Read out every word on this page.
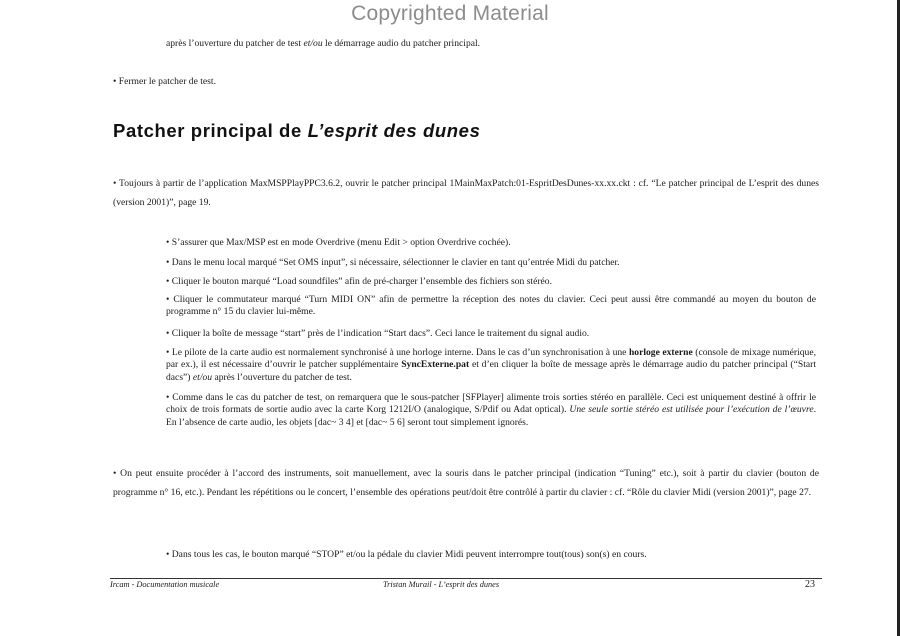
Copyrighted Material
après l’ouverture du patcher de test et/ou le démarrage audio du patcher principal.
• Fermer le patcher de test.
Patcher principal de L’esprit des dunes
• Toujours à partir de l’application MaxMSPPlayPPC3.6.2, ouvrir le patcher principal 1MainMaxPatch:01-EspritDesDunes-xx.xx.ckt : cf. “Le patcher principal de L’esprit des dunes (version 2001)”, page 19.
• S’assurer que Max/MSP est en mode Overdrive (menu Edit > option Overdrive cochée).
• Dans le menu local marqué “Set OMS input”, si nécessaire, sélectionner le clavier en tant qu’entrée Midi du patcher.
• Cliquer le bouton marqué “Load soundfiles” afin de pré-charger l’ensemble des fichiers son stéréo.
• Cliquer le commutateur marqué “Turn MIDI ON” afin de permettre la réception des notes du clavier. Ceci peut aussi être commandé au moyen du bouton de programme n° 15 du clavier lui-même.
• Cliquer la boîte de message “start” près de l’indication “Start dacs”. Ceci lance le traitement du signal audio.
• Le pilote de la carte audio est normalement synchronisé à une horloge interne. Dans le cas d’un synchronisation à une horloge externe (console de mixage numérique, par ex.), il est nécessaire d’ouvrir le patcher supplémentaire SyncExterne.pat et d’en cliquer la boîte de message après le démarrage audio du patcher principal (“Start dacs”) et/ou après l’ouverture du patcher de test.
• Comme dans le cas du patcher de test, on remarquera que le sous-patcher [SFPlayer] alimente trois sorties stéréo en parallèle. Ceci est uniquement destiné à offrir le choix de trois formats de sortie audio avec la carte Korg 1212I/O (analogique, S/Pdif ou Adat optical). Une seule sortie stéréo est utilisée pour l’exécution de l’œuvre. En l’absence de carte audio, les objets [dac~ 3 4] et [dac~ 5 6] seront tout simplement ignorés.
• On peut ensuite procéder à l’accord des instruments, soit manuellement, avec la souris dans le patcher principal (indication “Tuning” etc.), soit à partir du clavier (bouton de programme n° 16, etc.). Pendant les répétitions ou le concert, l’ensemble des opérations peut/doit être contrôlé à partir du clavier : cf. “Rôle du clavier Midi (version 2001)”, page 27.
• Dans tous les cas, le bouton marqué “STOP” et/ou la pédale du clavier Midi peuvent interrompre tout(tous) son(s) en cours.
Ircam - Documentation musicale	Tristan Murail - L’esprit des dunes	23
